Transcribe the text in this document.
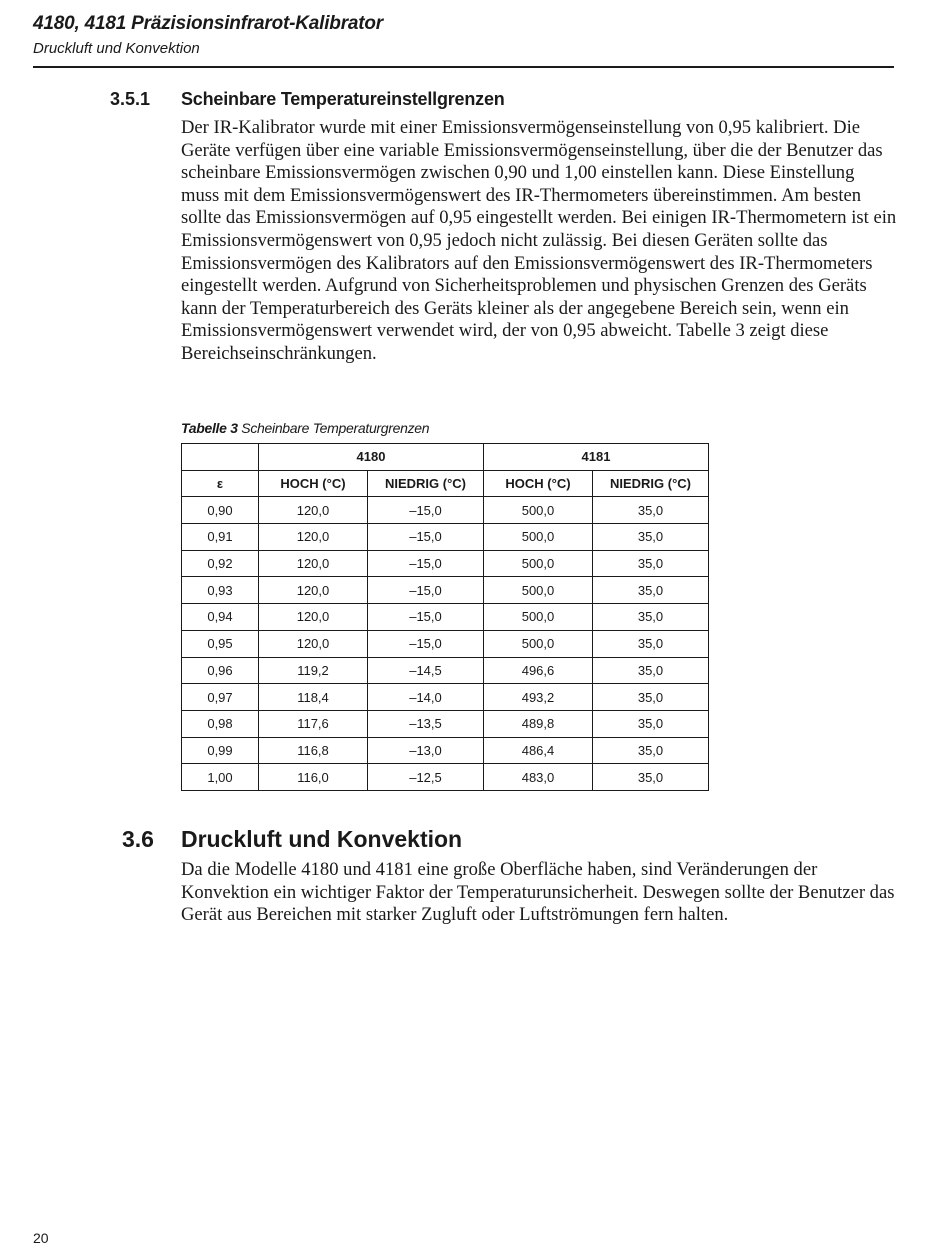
4180, 4181 Präzisionsinfrarot-Kalibrator
Druckluft und Konvektion
3.5.1 Scheinbare Temperatureinstellgrenzen

Der IR-Kalibrator wurde mit einer Emissionsvermögenseinstellung von 0,95 kalibriert. Die Geräte verfügen über eine variable Emissionsvermögenseinstellung, über die der Benutzer das scheinbare Emissionsvermögen zwischen 0,90 und 1,00 einstellen kann. Diese Einstellung muss mit dem Emissionsvermögenswert des IR-Thermometers übereinstimmen. Am besten sollte das Emissionsvermögen auf 0,95 eingestellt werden. Bei einigen IR-Thermometern ist ein Emissionsvermögenswert von 0,95 jedoch nicht zulässig. Bei diesen Geräten sollte das Emissionsvermögen des Kalibrators auf den Emissionsvermögenswert des IR-Thermometers eingestellt werden. Aufgrund von Sicherheitsproblemen und physischen Grenzen des Geräts kann der Temperaturbereich des Geräts kleiner als der angegebene Bereich sein, wenn ein Emissionsvermögenswert verwendet wird, der von 0,95 abweicht. Tabelle 3 zeigt diese Bereichseinschränkungen.

Tabelle 3 Scheinbare Temperaturgrenzen
	4180		4181	
ε	HOCH (°C)	NIEDRIG (°C)	HOCH (°C)	NIEDRIG (°C)
0,90	120,0	–15,0	500,0	35,0
0,91	120,0	–15,0	500,0	35,0
0,92	120,0	–15,0	500,0	35,0
0,93	120,0	–15,0	500,0	35,0
0,94	120,0	–15,0	500,0	35,0
0,95	120,0	–15,0	500,0	35,0
0,96	119,2	–14,5	496,6	35,0
0,97	118,4	–14,0	493,2	35,0
0,98	117,6	–13,5	489,8	35,0
0,99	116,8	–13,0	486,4	35,0
1,00	116,0	–12,5	483,0	35,0
3.6 Druckluft und Konvektion

Da die Modelle 4180 und 4181 eine große Oberfläche haben, sind Veränderungen der Konvektion ein wichtiger Faktor der Temperaturunsicherheit. Deswegen sollte der Benutzer das Gerät aus Bereichen mit starker Zugluft oder Luftströmungen fern halten.

20
